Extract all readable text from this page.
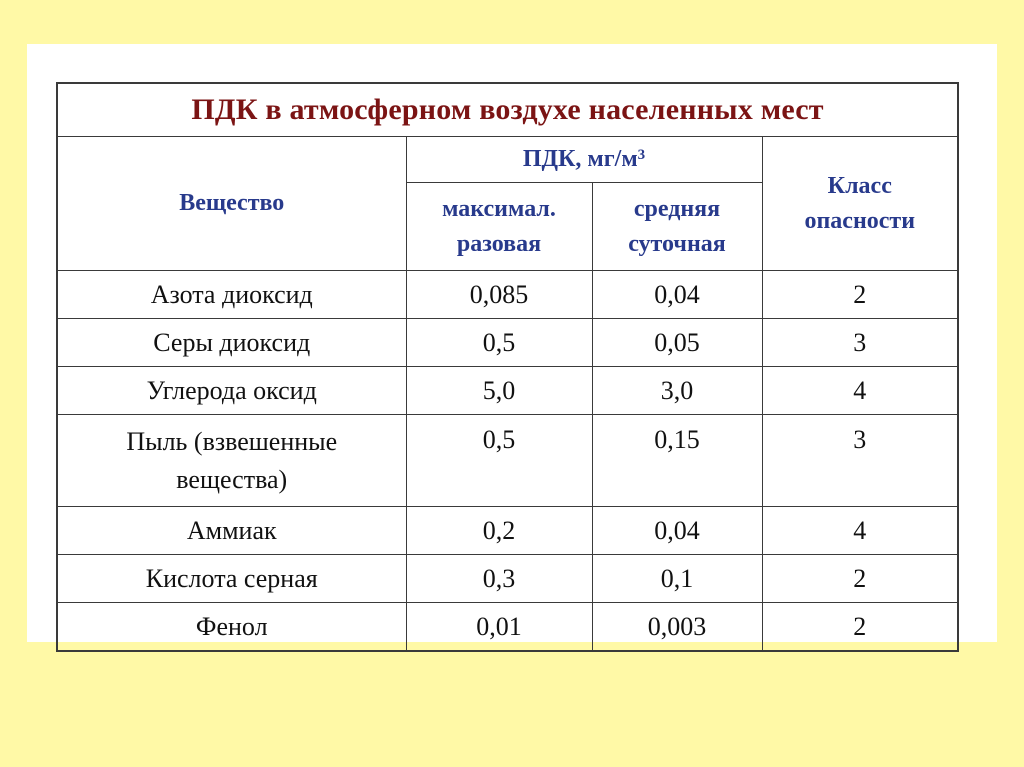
ПДК в атмосферном воздухе населенных мест			
Вещество	ПДК, $мг/м^3$		Класс опасности

	максимал. разовая	средняя суточная	

Азота диоксид	0,085	0,04	2
Серы диоксид	0,5	0,05	3
Углерода оксид	5,0	3,0	4

Пыль (взвешенные вещества)	0,5	0,15	3
Аммиак	0,2	0,04	4
Кислота серная	0,3	0,1	2
Фенол	0,01	0,003	2
